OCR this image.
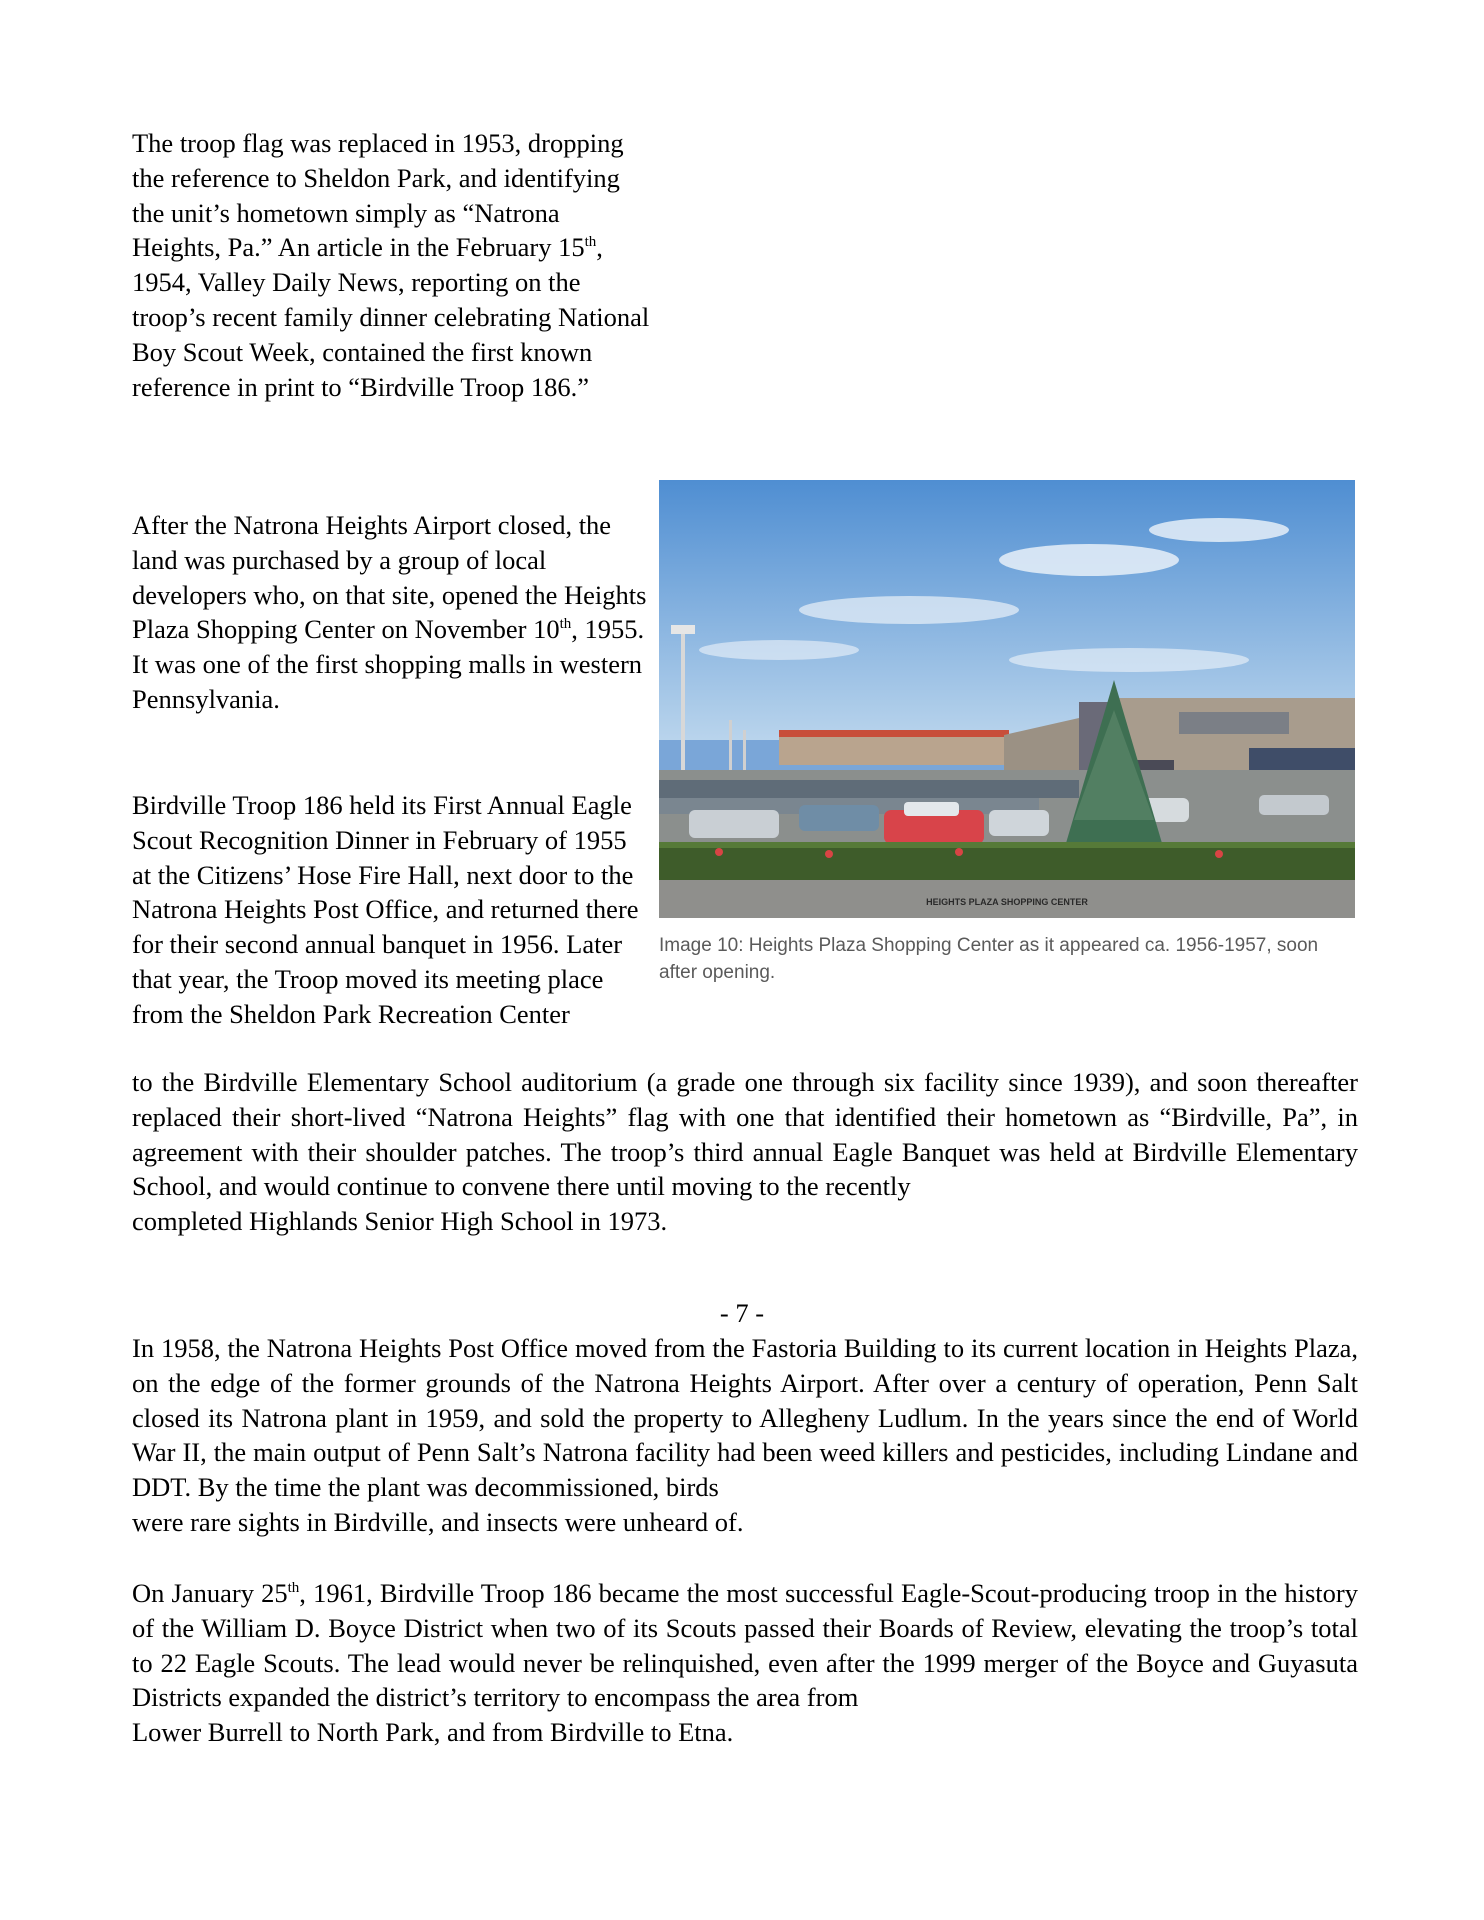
The troop flag was replaced in 1953, dropping the reference to Sheldon Park, and identifying the unit’s hometown simply as “Natrona Heights, Pa.” An article in the February 15th, 1954, Valley Daily News, reporting on the troop’s recent family dinner celebrating National Boy Scout Week, contained the first known reference in print to “Birdville Troop 186.”

After the Natrona Heights Airport closed, the land was purchased by a group of local developers who, on that site, opened the Heights Plaza Shopping Center on November 10th, 1955. It was one of the first shopping malls in western Pennsylvania.

Birdville Troop 186 held its First Annual Eagle Scout Recognition Dinner in February of 1955 at the Citizens’ Hose Fire Hall, next door to the Natrona Heights Post Office, and returned there for their second annual banquet in 1956. Later that year, the Troop moved its meeting place from the Sheldon Park Recreation Center

to the Birdville Elementary School auditorium (a grade one through six facility since 1939), and soon thereafter replaced their short-lived “Natrona Heights” flag with one that identified their hometown as “Birdville, Pa”, in agreement with their shoulder patches. The troop’s third annual Eagle Banquet was held at Birdville Elementary School, and would continue to convene there until moving to the recently
completed Highlands Senior High School in 1973.
HEIGHTS PLAZA SHOPPING CENTER

Image 10: Heights Plaza Shopping Center as it appeared ca. 1956-1957, soon after opening.

- 7 -

In 1958, the Natrona Heights Post Office moved from the Fastoria Building to its current location in Heights Plaza, on the edge of the former grounds of the Natrona Heights Airport. After over a century of operation, Penn Salt closed its Natrona plant in 1959, and sold the property to Allegheny Ludlum. In the years since the end of World War II, the main output of Penn Salt’s Natrona facility had been weed killers and pesticides, including Lindane and DDT. By the time the plant was decommissioned, birds
were rare sights in Birdville, and insects were unheard of.
On January 25th, 1961, Birdville Troop 186 became the most successful Eagle-Scout-producing troop in the history of the William D. Boyce District when two of its Scouts passed their Boards of Review, elevating the troop’s total to 22 Eagle Scouts. The lead would never be relinquished, even after the 1999 merger of the Boyce and Guyasuta Districts expanded the district’s territory to encompass the area from
Lower Burrell to North Park, and from Birdville to Etna.
